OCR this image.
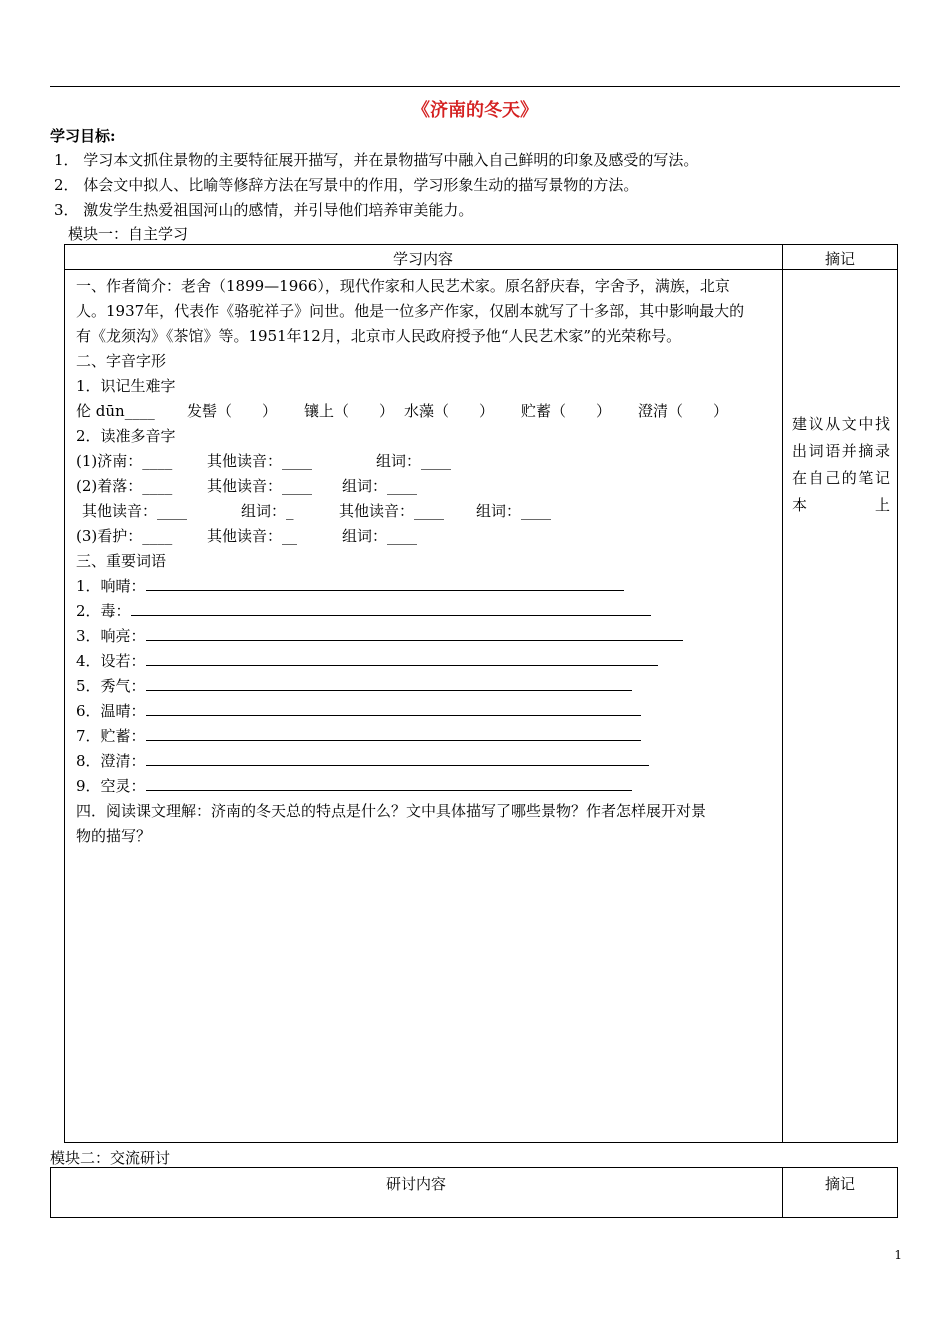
《济南的冬天》
学习目标:
1． 学习本文抓住景物的主要特征展开描写，并在景物描写中融入自己鲜明的印象及感受的写法。
2． 体会文中拟人、比喻等修辞方法在写景中的作用，学习形象生动的描写景物的方法。
3． 激发学生热爱祖国河山的感情，并引导他们培养审美能力。
模块一：自主学习
学习内容	摘记
一、作者简介：老舍（1899—1966），现代作家和人民艺术家。原名舒庆春，字舍予，满族，北京
人。1937年，代表作《骆驼祥子》问世。他是一位多产作家，仅剧本就写了十多部，其中影响最大的
有《龙须沟》《茶馆》等。1951年12月，北京市人民政府授予他“人民艺术家”的光荣称号。
二、字音字形
1．识记生难字
伦 dūn____ 发髻（　　） 镶上（　　） 水藻（　　） 贮蓄（　　） 澄清（　　）
2．读准多音字
(1)济南：____ 其他读音：____	组词：____
(2)着落：____ 其他读音：____ 组词：____
其他读音：____	组词：_	其他读音：____ 组词：____
(3)看护：____ 其他读音：__	组词：____
三、重要词语
1．响晴：
2．毒：
3．响亮：
4．设若：
5．秀气：
6．温晴：
7．贮蓄：
8．澄清：
9．空灵：
四．阅读课文理解：济南的冬天总的特点是什么？文中具体描写了哪些景物？作者怎样展开对景
物的描写？
建议从文中找出词语并摘录在自己的笔记本上
模块二：交流研讨
研讨内容	摘记
1
